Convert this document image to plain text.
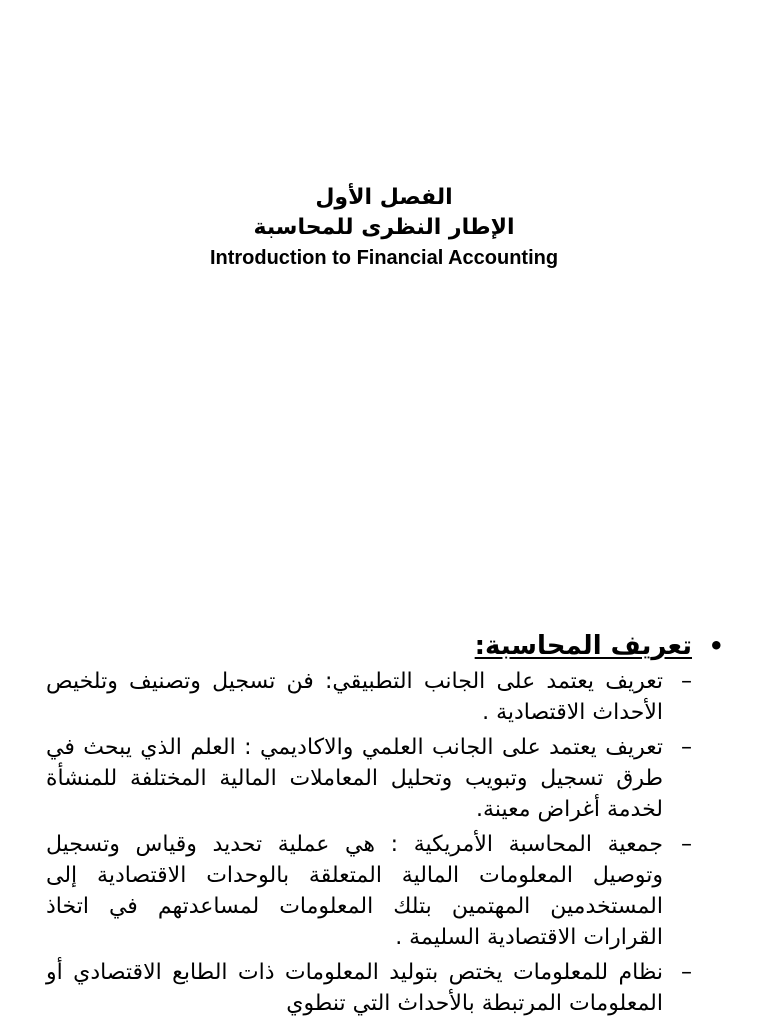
الفصل الأول
الإطار النظرى للمحاسبة
Introduction to Financial Accounting
•
تعريف المحاسبة:
–
تعريف يعتمد على الجانب التطبيقي: فن تسجيل وتصنيف وتلخيص الأحداث الاقتصادية .
–
تعريف يعتمد على الجانب العلمي والاكاديمي : العلم الذي يبحث في طرق تسجيل وتبويب وتحليل المعاملات المالية المختلفة للمنشأة لخدمة أغراض معينة.
–
جمعية المحاسبة الأمريكية : هي عملية تحديد وقياس وتسجيل وتوصيل المعلومات المالية المتعلقة بالوحدات الاقتصادية إلى المستخدمين المهتمين بتلك المعلومات لمساعدتهم في اتخاذ القرارات الاقتصادية السليمة .
–
نظام للمعلومات يختص بتوليد المعلومات ذات الطابع الاقتصادي أو المعلومات المرتبطة بالأحداث التي تنطوي
